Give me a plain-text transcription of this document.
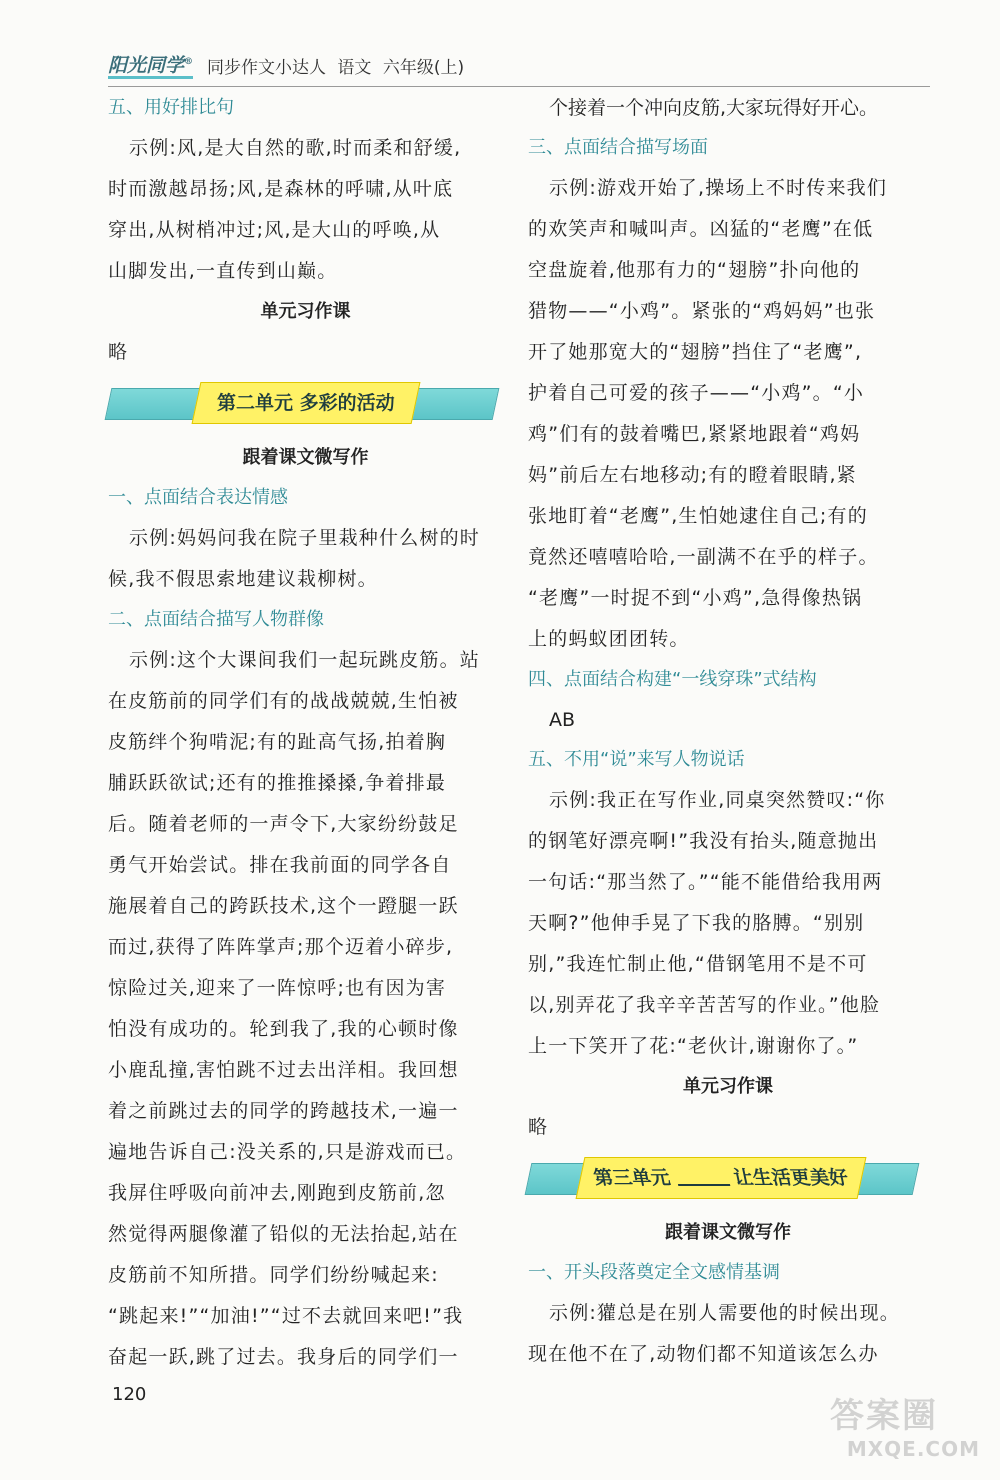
阳光同学® 同步作文小达人 语文 六年级(上)
五、用好排比句
示例:风,是大自然的歌,时而柔和舒缓,
时而激越昂扬;风,是森林的呼啸,从叶底
穿出,从树梢冲过;风,是大山的呼唤,从
山脚发出,一直传到山巅。
单元习作课
略
第二单元 多彩的活动
跟着课文微写作
一、点面结合表达情感
示例:妈妈问我在院子里栽种什么树的时
候,我不假思索地建议栽柳树。
二、点面结合描写人物群像
示例:这个大课间我们一起玩跳皮筋。站
在皮筋前的同学们有的战战兢兢,生怕被
皮筋绊个狗啃泥;有的趾高气扬,拍着胸
脯跃跃欲试;还有的推推搡搡,争着排最
后。随着老师的一声令下,大家纷纷鼓足
勇气开始尝试。排在我前面的同学各自
施展着自己的跨跃技术,这个一蹬腿一跃
而过,获得了阵阵掌声;那个迈着小碎步,
惊险过关,迎来了一阵惊呼;也有因为害
怕没有成功的。轮到我了,我的心顿时像
小鹿乱撞,害怕跳不过去出洋相。我回想
着之前跳过去的同学的跨越技术,一遍一
遍地告诉自己:没关系的,只是游戏而已。
我屏住呼吸向前冲去,刚跑到皮筋前,忽
然觉得两腿像灌了铅似的无法抬起,站在
皮筋前不知所措。同学们纷纷喊起来:
“跳起来!”“加油!”“过不去就回来吧!”我
奋起一跃,跳了过去。我身后的同学们一
个接着一个冲向皮筋,大家玩得好开心。
三、点面结合描写场面
示例:游戏开始了,操场上不时传来我们
的欢笑声和喊叫声。凶猛的“老鹰”在低
空盘旋着,他那有力的“翅膀”扑向他的
猎物——“小鸡”。紧张的“鸡妈妈”也张
开了她那宽大的“翅膀”挡住了“老鹰”,
护着自己可爱的孩子——“小鸡”。“小
鸡”们有的鼓着嘴巴,紧紧地跟着“鸡妈
妈”前后左右地移动;有的瞪着眼睛,紧
张地盯着“老鹰”,生怕她逮住自己;有的
竟然还嘻嘻哈哈,一副满不在乎的样子。
“老鹰”一时捉不到“小鸡”,急得像热锅
上的蚂蚁团团转。
四、点面结合构建“一线穿珠”式结构
AB
五、不用“说”来写人物说话
示例:我正在写作业,同桌突然赞叹:“你
的钢笔好漂亮啊!”我没有抬头,随意抛出
一句话:“那当然了。”“能不能借给我用两
天啊?”他伸手晃了下我的胳膊。“别别
别,”我连忙制止他,“借钢笔用不是不可
以,别弄花了我辛辛苦苦写的作业。”他脸
上一下笑开了花:“老伙计,谢谢你了。”
单元习作课
略
第三单元	让生活更美好
跟着课文微写作
一、开头段落奠定全文感情基调
示例:獾总是在别人需要他的时候出现。
现在他不在了,动物们都不知道该怎么办
120
答案圈
MXQE.COM
